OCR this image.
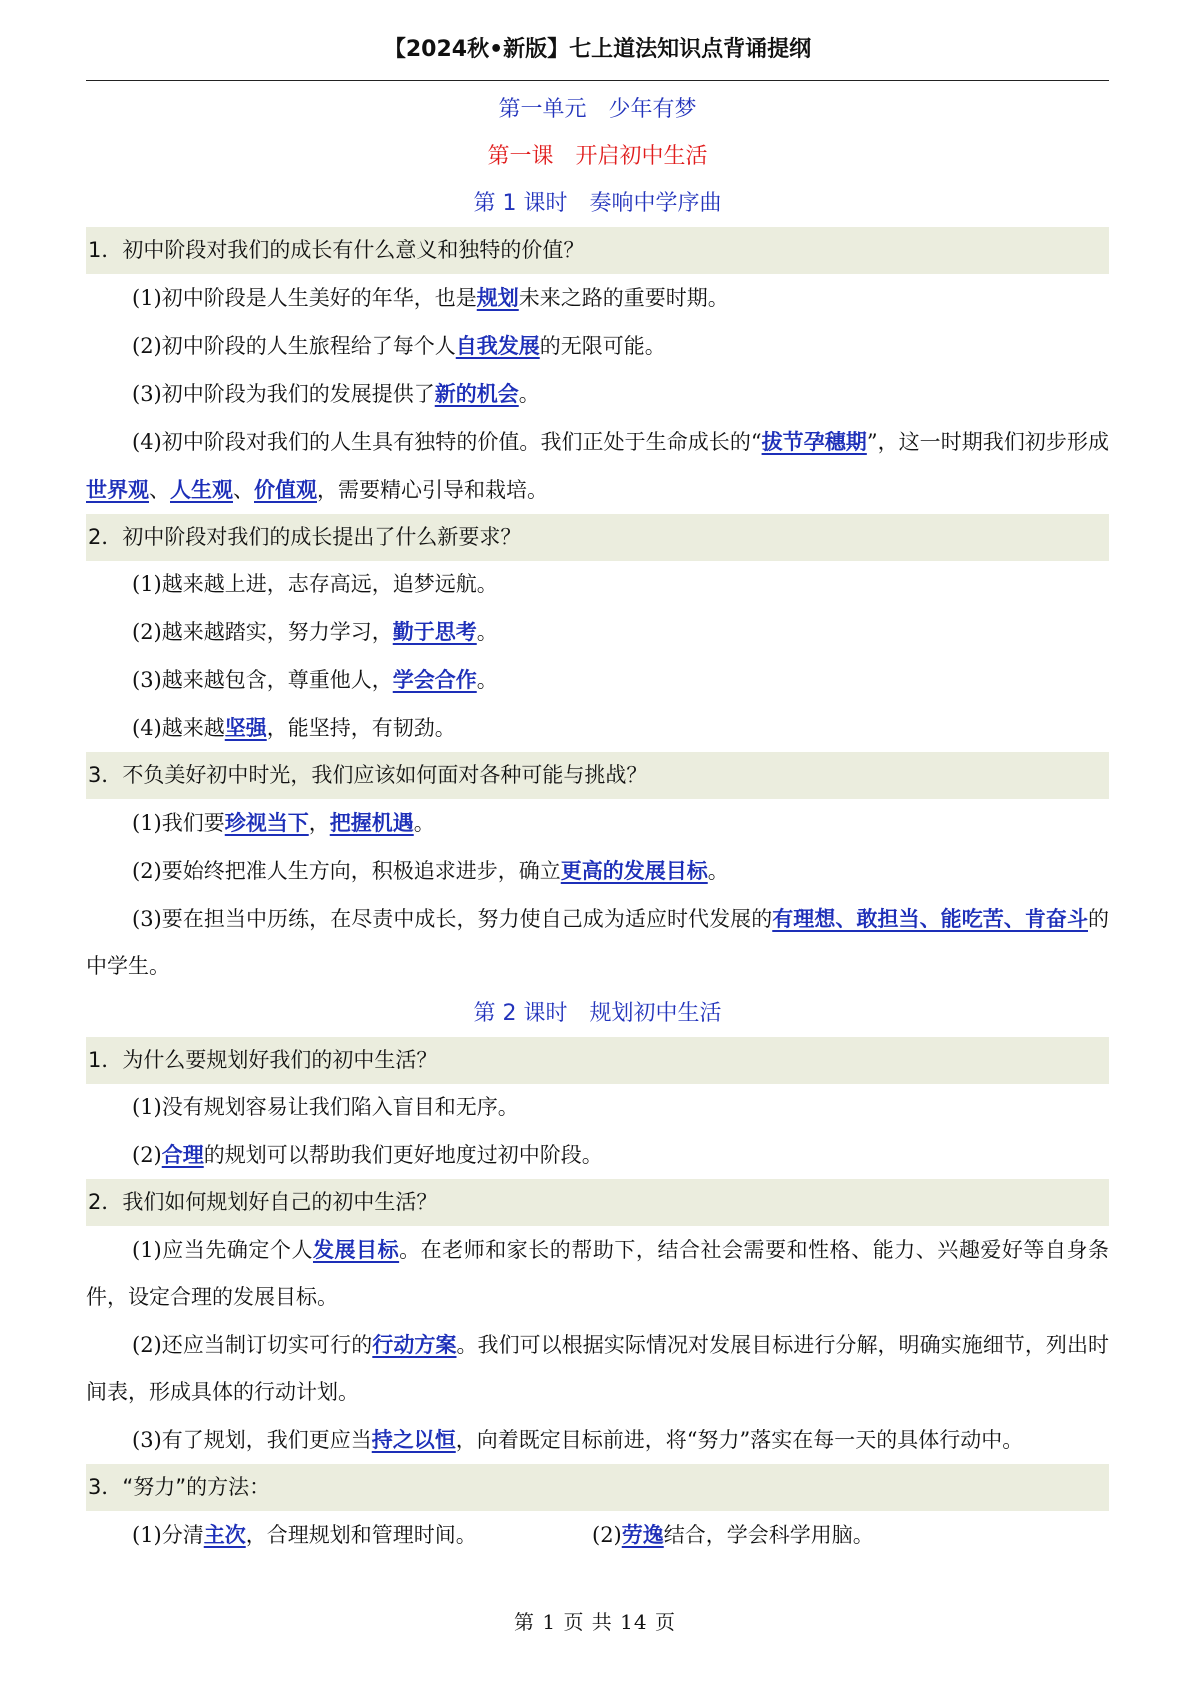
【2024秋•新版】七上道法知识点背诵提纲
第一单元　少年有梦
第一课　开启初中生活
第 1 课时　奏响中学序曲
1．初中阶段对我们的成长有什么意义和独特的价值？
(1)初中阶段是人生美好的年华，也是规划未来之路的重要时期。
(2)初中阶段的人生旅程给了每个人自我发展的无限可能。
(3)初中阶段为我们的发展提供了新的机会。
(4)初中阶段对我们的人生具有独特的价值。我们正处于生命成长的“拔节孕穗期”，这一时期我们初步形成世界观、人生观、价值观，需要精心引导和栽培。
2．初中阶段对我们的成长提出了什么新要求？
(1)越来越上进，志存高远，追梦远航。
(2)越来越踏实，努力学习，勤于思考。
(3)越来越包含，尊重他人，学会合作。
(4)越来越坚强，能坚持，有韧劲。
3．不负美好初中时光，我们应该如何面对各种可能与挑战？
(1)我们要珍视当下，把握机遇。
(2)要始终把准人生方向，积极追求进步，确立更高的发展目标。
(3)要在担当中历练，在尽责中成长，努力使自己成为适应时代发展的有理想、敢担当、能吃苦、肯奋斗的中学生。
第 2 课时　规划初中生活
1．为什么要规划好我们的初中生活？
(1)没有规划容易让我们陷入盲目和无序。
(2)合理的规划可以帮助我们更好地度过初中阶段。
2．我们如何规划好自己的初中生活？
(1)应当先确定个人发展目标。在老师和家长的帮助下，结合社会需要和性格、能力、兴趣爱好等自身条件，设定合理的发展目标。
(2)还应当制订切实可行的行动方案。我们可以根据实际情况对发展目标进行分解，明确实施细节，列出时间表，形成具体的行动计划。
(3)有了规划，我们更应当持之以恒，向着既定目标前进，将“努力”落实在每一天的具体行动中。
3．“努力”的方法：
(1)分清主次，合理规划和管理时间。	(2)劳逸结合，学会科学用脑。
第 1 页 共 14 页
